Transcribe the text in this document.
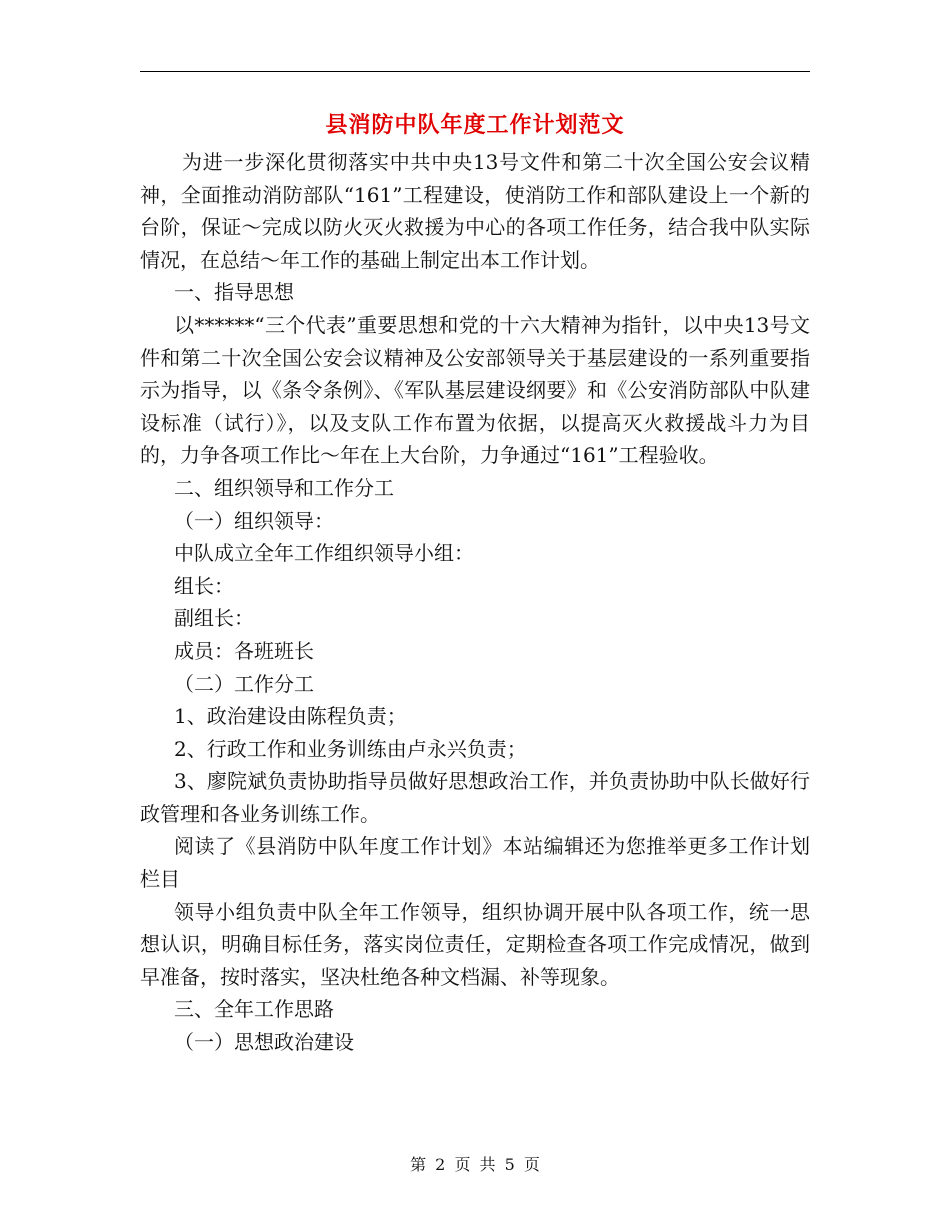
县消防中队年度工作计划范文

为进一步深化贯彻落实中共中央13号文件和第二十次全国公安会议精神，全面推动消防部队“161”工程建设，使消防工作和部队建设上一个新的台阶，保证～完成以防火灭火救援为中心的各项工作任务，结合我中队实际情况，在总结～年工作的基础上制定出本工作计划。

一、指导思想

以******“三个代表”重要思想和党的十六大精神为指针，以中央13号文件和第二十次全国公安会议精神及公安部领导关于基层建设的一系列重要指示为指导，以《条令条例》、《军队基层建设纲要》和《公安消防部队中队建设标准（试行）》，以及支队工作布置为依据，以提高灭火救援战斗力为目的，力争各项工作比～年在上大台阶，力争通过“161”工程验收。

二、组织领导和工作分工

（一）组织领导：

中队成立全年工作组织领导小组：

组长：

副组长：

成员：各班班长

（二）工作分工

1、政治建设由陈程负责；

2、行政工作和业务训练由卢永兴负责；

3、廖院斌负责协助指导员做好思想政治工作，并负责协助中队长做好行政管理和各业务训练工作。

阅读了《县消防中队年度工作计划》本站编辑还为您推举更多工作计划栏目

领导小组负责中队全年工作领导，组织协调开展中队各项工作，统一思想认识，明确目标任务，落实岗位责任，定期检查各项工作完成情况，做到早准备，按时落实，坚决杜绝各种文档漏、补等现象。

三、全年工作思路

（一）思想政治建设

第 2 页 共 5 页
